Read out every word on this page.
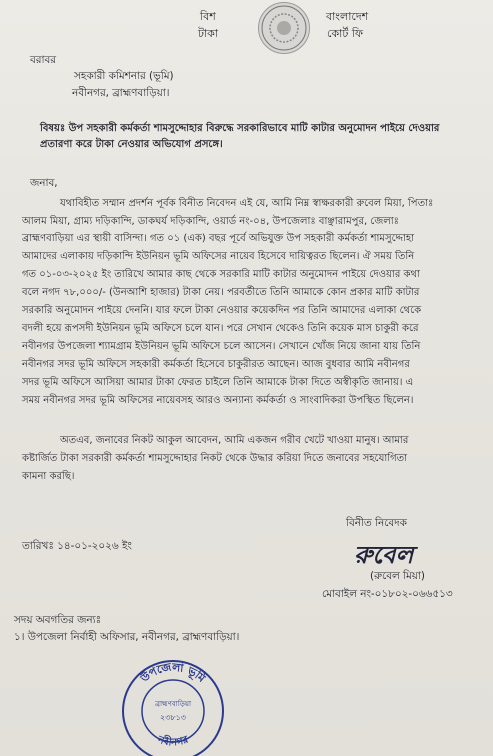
বিশ
টাকা
বাংলাদেশ
কোর্ট ফি
বরাবর
সহকারী কমিশনার (ভূমি)
নবীনগর, ব্রাহ্মণবাড়িয়া।
বিষয়ঃ উপ সহকারী কর্মকর্তা শামসুদ্দোহার বিরুদ্ধে সরকারিভাবে মাটি কাটার অনুমোদন পাইয়ে দেওয়ার
প্রতারণা করে টাকা নেওয়ার অভিযোগ প্রসঙ্গে।
জনাব,
যথাবিহীত সম্মান প্রদর্শন পূর্বক বিনীত নিবেদন এই যে, আমি নিম্ন স্বাক্ষরকারী রুবেল মিয়া, পিতাঃ
আলম মিয়া, গ্রাম্য দড়িকান্দি, ডাকঘর্য দড়িকান্দি, ওয়ার্ড নং-০৪, উপজেলাঃ বাঞ্ছারামপুর, জেলাঃ
ব্রাহ্মণবাড়িয়া এর স্থায়ী বাসিন্দা। গত ০১ (এক) বছর পূর্বে অভিযুক্ত উপ সহকারী কর্মকর্তা শামসুদ্দোহা
আমাদের এলাকায় দড়িকান্দি ইউনিয়ন ভূমি অফিসের নায়েব হিসেবে দায়িত্বরত ছিলেন। ঐ সময় তিনি
গত ০১-০৩-২০২৫ ইং তারিখে আমার কাছ থেকে সরকারি মাটি কাটার অনুমোদন পাইয়ে দেওয়ার কথা
বলে নগদ ৭৮,০০০/- (উনআশি হাজার) টাকা নেয়। পরবর্তীতে তিনি আমাকে কোন প্রকার মাটি কাটার
সরকারি অনুমোদন পাইয়ে দেননি। যার ফলে টাকা নেওয়ার কয়েকদিন পর তিনি আমাদের এলাকা থেকে
বদলী হয়ে রূপসদী ইউনিয়ন ভূমি অফিসে চলে যান। পরে সেখান থেকেও তিনি কয়েক মাস চাকুরী করে
নবীনগর উপজেলা শ্যামগ্রাম ইউনিয়ন ভূমি অফিসে চলে আসেন। সেখানে খোঁজ নিয়ে জানা যায় তিনি
নবীনগর সদর ভূমি অফিসে সহকারী কর্মকর্তা হিসেবে চাকুরীরত আছেন। আজ বুধবার আমি নবীনগর
সদর ভূমি অফিসে আসিয়া আমার টাকা ফেরত চাইলে তিনি আমাকে টাকা দিতে অস্বীকৃতি জানায়। এ
সময় নবীনগর সদর ভূমি অফিসের নায়েবসহ আরও অন্যান্য কর্মকর্তা ও সাংবাদিকরা উপস্থিত ছিলেন।
অতএব, জনাবের নিকট আকুল আবেদন, আমি একজন গরীব খেটে খাওয়া মানুষ। আমার
কষ্টার্জিত টাকা সরকারী কর্মকর্তা শামসুদ্দোহার নিকট থেকে উদ্ধার করিয়া দিতে জনাবের সহযোগিতা
কামনা করছি।
বিনীত নিবেদক
রুবেল
(রুবেল মিয়া)
মোবাইল নং-০১৮০২-০৬৬৫১৩
তারিখঃ ১৪-০১-২০২৬ ইং
সদয় অবগতির জন্যঃ
১। উপজেলা নির্বাহী অফিসার, নবীনগর, ব্রাহ্মণবাড়িয়া।
উপজেলা ভূমি
নবীনগর
ব্রাহ্মণবাড়িয়া
২৩৮১৩
